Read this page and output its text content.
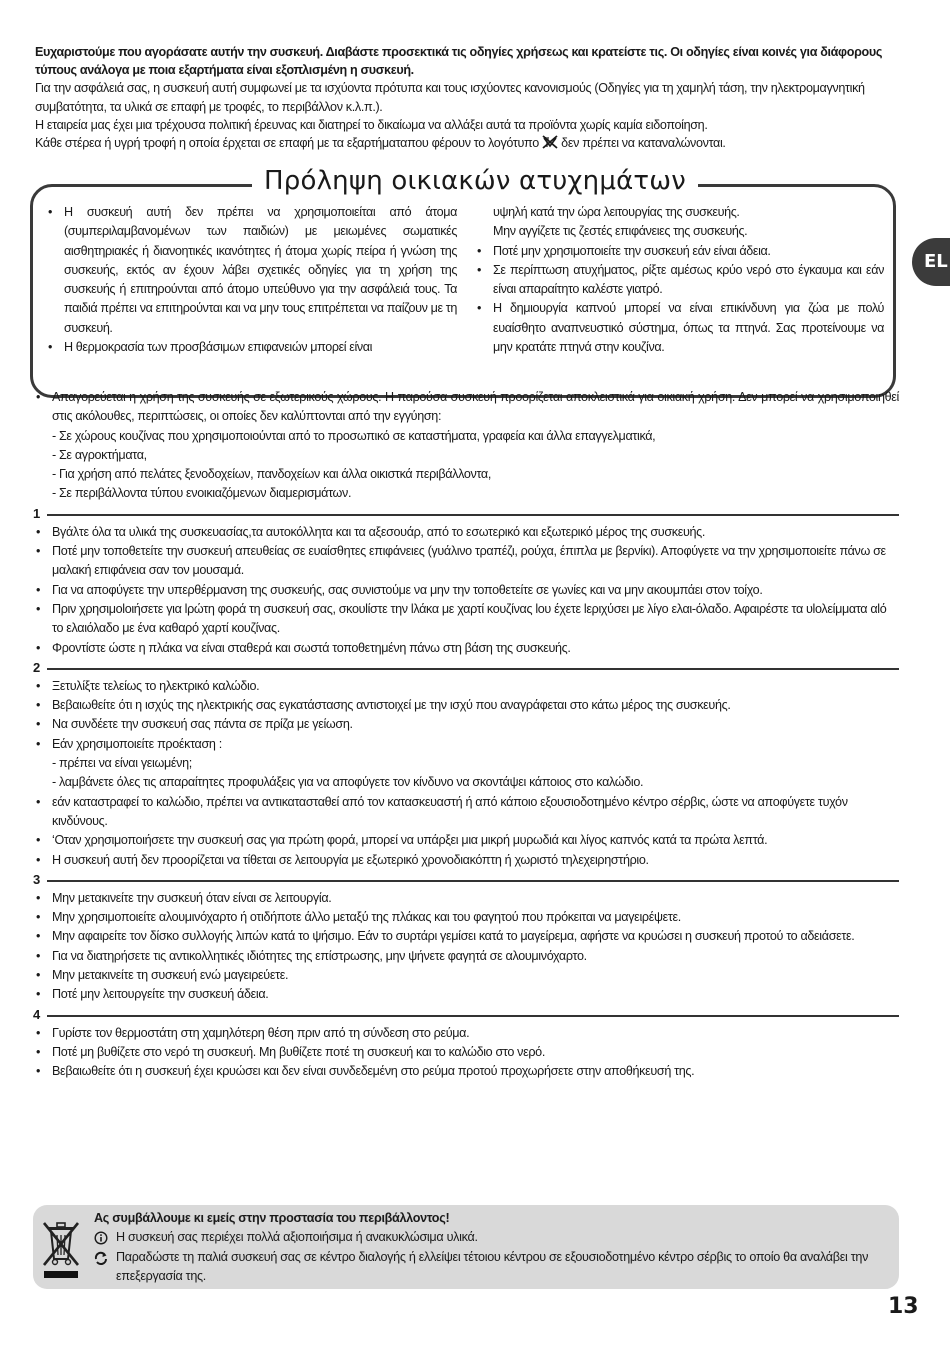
Ευχαριστούμε που αγοράσατε αυτήν την συσκευή. Διαβάστε προσεκτικά τις οδηγίες χρήσεως και κρατείστε τις. Οι οδηγίες είναι κοινές για διάφορους τύπους ανάλογα με ποια εξαρτήματα είναι εξοπλισμένη η συσκευή.

Για την ασφάλειά σας, η συσκευή αυτή συμφωνεί με τα ισχύοντα πρότυπα και τους ισχύοντες κανονισμούς (Οδηγίες για τη χαμηλή τάση, την ηλεκτρομαγνητική συμβατότητα, τα υλικά σε επαφή με τροφές, το περιβάλλον κ.λ.π.).

Η εταιρεία μας έχει μια τρέχουσα πολιτική έρευνας και διατηρεί το δικαίωμα να αλλάξει αυτά τα προϊόντα χωρίς καμία ειδοποίηση.

Κάθε στέρεα ή υγρή τροφή η οποία έρχεται σε επαφή με τα εξαρτήματαπου φέρουν το λογότυπο δεν πρέπει να καταναλώνονται.

Πρόληψη οικιακών ατυχημάτων
• Η συσκευή αυτή δεν πρέπει να χρησιμοποιείται από άτομα (συμπεριλαμβανομένων των παιδιών) με μειωμένες σωματικές αισθητηριακές ή διανοητικές ικανότητες ή άτομα χωρίς πείρα ή γνώση της συσκευής, εκτός αν έχουν λάβει σχετικές οδηγίες για τη χρήση της συσκευής ή επιτηρούνται από άτομο υπεύθυνο για την ασφάλειά τους. Τα παιδιά πρέπει να επιτηρούνται και να μην τους επιτρέπεται να παίζουν με τη συσκευή.
• Η θερμοκρασία των προσβάσιμων επιφανειών μπορεί είναι
υψηλή κατά την ώρα λειτουργίας της συσκευής.
Μην αγγίζετε τις ζεστές επιφάνειες της συσκευής.
• Ποτέ μην χρησιμοποιείτε την συσκευή εάν είναι άδεια.
• Σε περίπτωση ατυχήματος, ρίξτε αμέσως κρύο νερό στο έγκαυμα και εάν είναι απαραίτητο καλέστε γιατρό.
• Η δημιουργία καπνού μπορεί να είναι επικίνδυνη για ζώα με πολύ ευαίσθητο αναπνευστικό σύστημα, όπως τα πτηνά. Σας προτείνουμε να μην κρατάτε πτηνά στην κουζίνα.
EL
• Απαγορεύεται η χρήση της συσκευής σε εξωτερικούς χώρους. Η παρούσα συσκευή προορίζεται αποκλειστικά για οικιακή χρήση. Δεν μπορεί να χρησιμοποιηθεί στις ακόλουθες, περιπτώσεις, οι οποίες δεν καλύπτονται από την εγγύηση:
- Σε χώρους κουζίνας που χρησιμοποιούνται από το προσωπικό σε καταστήματα, γραφεία και άλλα επαγγελματικά,
- Σε αγροκτήματα,
- Για χρήση από πελάτες ξενοδοχείων, πανδοχείων και άλλα οικιστκά περιβάλλοντα,
- Σε περιβάλλοντα τύπου ενοικιαζόμενων διαμερισμάτων.
1
• Βγάλτε όλα τα υλικά της συσκευασίας,τα αυτοκόλλητα και τα αξεσουάρ, από το εσωτερικό και εξωτερικό μέρος της συσκευής.
• Ποτέ μην τοποθετείτε την συσκευή απευθείας σε ευαίσθητες επιφάνειες (γυάλινο τραπέζι, ρούχα, έπιπλα με βερνίκι). Αποφύγετε να την χρησιμοποιείτε πάνω σε μαλακή επιφάνεια σαν τον μουσαμά.
• Για να αποφύγετε την υπερθέρμανση της συσκευής, σας συνιστούμε να μην την τοποθετείτε σε γωνίες και να μην ακουμπάει στον τοίχο.
• Πριν χρησιμοloιήσετε για lρώτη φορά τη συσκευή σας, σκουlίστε την lλάκα με χαρτί κουζίνας lου έχετε lεριχύσει με λίγο ελαι-όλαδο. Αφαιρέστε τα υlολείμματα αlό το ελαιόλαδο με ένα καθαρό χαρτί κουζίνας.
• Φροντίστε ώστε η πλάκα να είναι σταθερά και σωστά τοποθετημένη πάνω στη βάση της συσκευής.
2
• Ξετυλίξτε τελείως το ηλεκτρικό καλώδιο.
• Βεβαιωθείτε ότι η ισχύς της ηλεκτρικής σας εγκατάστασης αντιστοιχεί με την ισχύ που αναγράφεται στο κάτω μέρος της συσκευής.
• Να συνδέετε την συσκευή σας πάντα σε πρίζα με γείωση.
• Εάν χρησιμοποιείτε προέκταση :
- πρέπει να είναι γειωμένη;
- λαμβάνετε όλες τις απαραίτητες προφυλάξεις για να αποφύγετε τον κίνδυνο να σκοντάψει κάποιος στο καλώδιο.
• εάν καταστραφεί το καλώδιο, πρέπει να αντικατασταθεί από τον κατασκευαστή ή από κάποιο εξουσιοδοτημένο κέντρο σέρβις, ώστε να αποφύγετε τυχόν κινδύνους.
• ‘Οταν χρησιμοποιήσετε την συσκευή σας για πρώτη φορά, μπορεί να υπάρξει μια μικρή μυρωδιά και λίγος καπνός κατά τα πρώτα λεπτά.
• Η συσκευή αυτή δεν προορίζεται να τίθεται σε λειτουργία με εξωτερικό χρονοδιακόπτη ή χωριστό τηλεχειρηστήριο.
3
• Μην μετακινείτε την συσκευή όταν είναι σε λειτουργία.
• Μην χρησιμοποιείτε αλουμινόχαρτο ή οτιδήποτε άλλο μεταξύ της πλάκας και του φαγητού που πρόκειται να μαγειρέψετε.
• Μην αφαιρείτε τον δίσκο συλλογής λιπών κατά το ψήσιμο. Εάν το συρτάρι γεμίσει κατά το μαγείρεμα, αφήστε να κρυώσει η συσκευή προτού το αδειάσετε.
• Για να διατηρήσετε τις αντικολλητικές ιδιότητες της επίστρωσης, μην ψήνετε φαγητά σε αλουμινόχαρτο.
• Μην μετακινείτε τη συσκευή ενώ μαγειρεύετε.
• Ποτέ μην λειτουργείτε την συσκευή άδεια.
4
• Γυρίστε τον θερμοστάτη στη χαμηλότερη θέση πριν από τη σύνδεση στο ρεύμα.
• Ποτέ μη βυθίζετε στο νερό τη συσκευή. Μη βυθίζετε ποτέ τη συσκευή και το καλώδιο στο νερό.
• Βεβαιωθείτε ότι η συσκευή έχει κρυώσει και δεν είναι συνδεδεμένη στο ρεύμα προτού προχωρήσετε στην αποθήκευσή της.
Ας συμβάλλουμε κι εμείς στην προστασία του περιβάλλοντος!
Η συσκευή σας περιέχει πολλά αξιοποιήσιμα ή ανακυκλώσιμα υλικά.
Παραδώστε τη παλιά συσκευή σας σε κέντρο διαλογής ή ελλείψει τέτοιου κέντρου σε εξουσιοδοτημένο κέντρο σέρβις το οποίο θα αναλάβει την επεξεργασία της.
13
